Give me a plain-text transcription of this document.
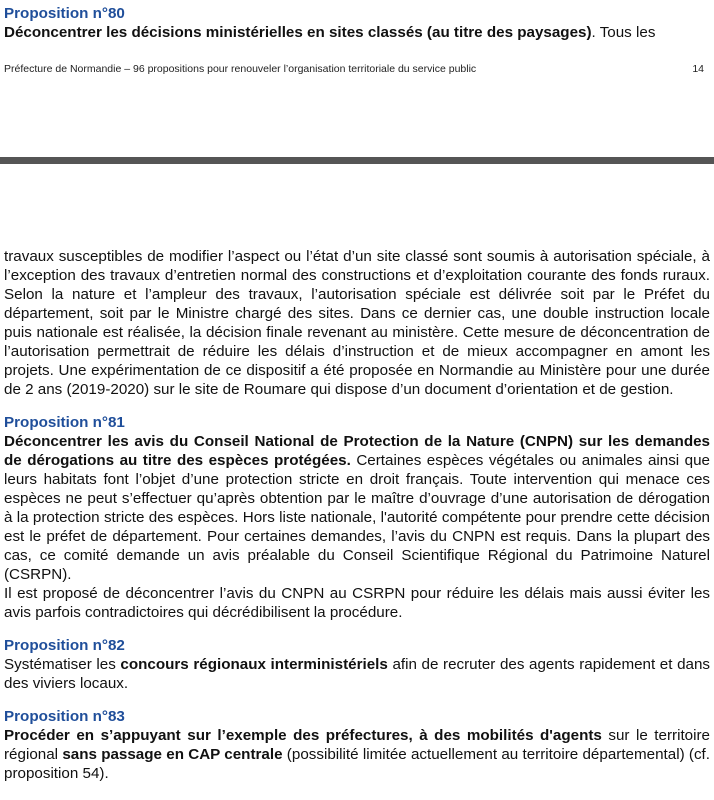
Proposition n°80

Déconcentrer les décisions ministérielles en sites classés (au titre des paysages). Tous les
Préfecture de Normandie – 96 propositions pour renouveler l’organisation territoriale du service public	14

travaux susceptibles de modifier l’aspect ou l’état d’un site classé sont soumis à autorisation spéciale, à l’exception des travaux d’entretien normal des constructions et d’exploitation courante des fonds ruraux. Selon la nature et l’ampleur des travaux, l’autorisation spéciale est délivrée soit par le Préfet du département, soit par le Ministre chargé des sites. Dans ce dernier cas, une double instruction locale puis nationale est réalisée, la décision finale revenant au ministère. Cette mesure de déconcentration de l’autorisation permettrait de réduire les délais d’instruction et de mieux accompagner en amont les projets. Une expérimentation de ce dispositif a été proposée en Normandie au Ministère pour une durée de 2 ans (2019-2020) sur le site de Roumare qui dispose d’un document d’orientation et de gestion.

Proposition n°81

Déconcentrer les avis du Conseil National de Protection de la Nature (CNPN) sur les demandes de dérogations au titre des espèces protégées. Certaines espèces végétales ou animales ainsi que leurs habitats font l’objet d’une protection stricte en droit français. Toute intervention qui menace ces espèces ne peut s’effectuer qu’après obtention par le maître d’ouvrage d’une autorisation de dérogation à la protection stricte des espèces. Hors liste nationale, l'autorité compétente pour prendre cette décision est le préfet de département. Pour certaines demandes, l’avis du CNPN est requis. Dans la plupart des cas, ce comité demande un avis préalable du Conseil Scientifique Régional du Patrimoine Naturel (CSRPN).

Il est proposé de déconcentrer l’avis du CNPN au CSRPN pour réduire les délais mais aussi éviter les avis parfois contradictoires qui décrédibilisent la procédure.

Proposition n°82

Systématiser les concours régionaux interministériels afin de recruter des agents rapidement et dans des viviers locaux.

Proposition n°83

Procéder en s’appuyant sur l’exemple des préfectures, à des mobilités d'agents sur le territoire régional sans passage en CAP centrale (possibilité limitée actuellement au territoire départemental) (cf. proposition 54).
